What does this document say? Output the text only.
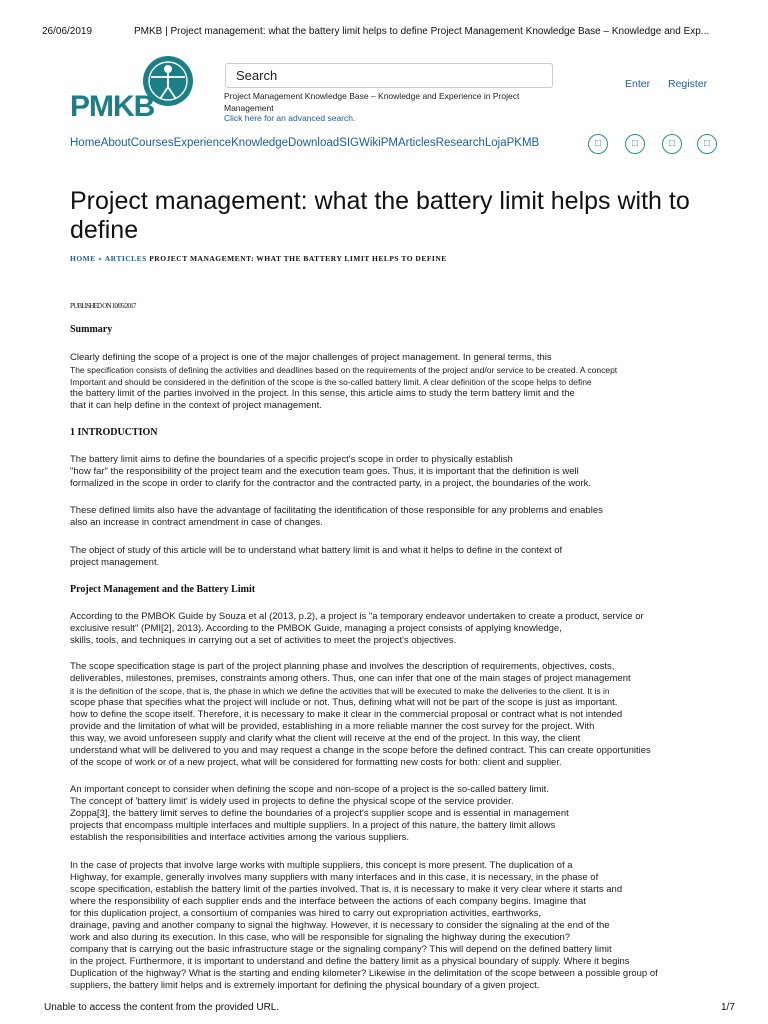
26/06/2019	PMKB | Project management: what the battery limit helps to define Project Management Knowledge Base – Knowledge and Exp...
PMKB
Search
Project Management Knowledge Base – Knowledge and Experience in Project Management
Click here for an advanced search.
Enter Register
HomeAboutCoursesExperienceKnowledgeDownloadSIGWikiPMArticlesResearchLojaPKMB	□	□	□	□
Project management: what the battery limit helps with to define
HOME » ARTICLES PROJECT MANAGEMENT: WHAT THE BATTERY LIMIT HELPS TO DEFINE
PUBLISHED ON 10/05/2017
Summary
Clearly defining the scope of a project is one of the major challenges of project management. In general terms, this
The specification consists of defining the activities and deadlines based on the requirements of the project and/or service to be created. A concept
Important and should be considered in the definition of the scope is the so-called battery limit. A clear definition of the scope helps to define
the battery limit of the parties involved in the project. In this sense, this article aims to study the term battery limit and the
that it can help define in the context of project management.
1 INTRODUCTION
The battery limit aims to define the boundaries of a specific project's scope in order to physically establish
"how far" the responsibility of the project team and the execution team goes. Thus, it is important that the definition is well
formalized in the scope in order to clarify for the contractor and the contracted party, in a project, the boundaries of the work.
These defined limits also have the advantage of facilitating the identification of those responsible for any problems and enables
also an increase in contract amendment in case of changes.
The object of study of this article will be to understand what battery limit is and what it helps to define in the context of
project management.
Project Management and the Battery Limit
According to the PMBOK Guide by Souza et al (2013, p.2), a project is "a temporary endeavor undertaken to create a product, service or
exclusive result" (PMI[2], 2013). According to the PMBOK Guide, managing a project consists of applying knowledge,
skills, tools, and techniques in carrying out a set of activities to meet the project's objectives.
The scope specification stage is part of the project planning phase and involves the description of requirements, objectives, costs,
deliverables, milestones, premises, constraints among others. Thus, one can infer that one of the main stages of project management
it is the definition of the scope, that is, the phase in which we define the activities that will be executed to make the deliveries to the client. It is in
scope phase that specifies what the project will include or not. Thus, defining what will not be part of the scope is just as important.
how to define the scope itself. Therefore, it is necessary to make it clear in the commercial proposal or contract what is not intended
provide and the limitation of what will be provided, establishing in a more reliable manner the cost survey for the project. With
this way, we avoid unforeseen supply and clarify what the client will receive at the end of the project. In this way, the client
understand what will be delivered to you and may request a change in the scope before the defined contract. This can create opportunities
of the scope of work or of a new project, what will be considered for formatting new costs for both: client and supplier.
An important concept to consider when defining the scope and non-scope of a project is the so-called battery limit.
The concept of 'battery limit' is widely used in projects to define the physical scope of the service provider.
Zoppa[3], the battery limit serves to define the boundaries of a project's supplier scope and is essential in management
projects that encompass multiple interfaces and multiple suppliers. In a project of this nature, the battery limit allows
establish the responsibilities and interface activities among the various suppliers.
In the case of projects that involve large works with multiple suppliers, this concept is more present. The duplication of a
Highway, for example, generally involves many suppliers with many interfaces and in this case, it is necessary, in the phase of
scope specification, establish the battery limit of the parties involved. That is, it is necessary to make it very clear where it starts and
where the responsibility of each supplier ends and the interface between the actions of each company begins. Imagine that
for this duplication project, a consortium of companies was hired to carry out expropriation activities, earthworks,
drainage, paving and another company to signal the highway. However, it is necessary to consider the signaling at the end of the
work and also during its execution. In this case, who will be responsible for signaling the highway during the execution?
company that is carrying out the basic infrastructure stage or the signaling company? This will depend on the defined battery limit
in the project. Furthermore, it is important to understand and define the battery limit as a physical boundary of supply. Where it begins
Duplication of the highway? What is the starting and ending kilometer? Likewise in the delimitation of the scope between a possible group of
suppliers, the battery limit helps and is extremely important for defining the physical boundary of a given project.
Unable to access the content from the provided URL.	1/7
